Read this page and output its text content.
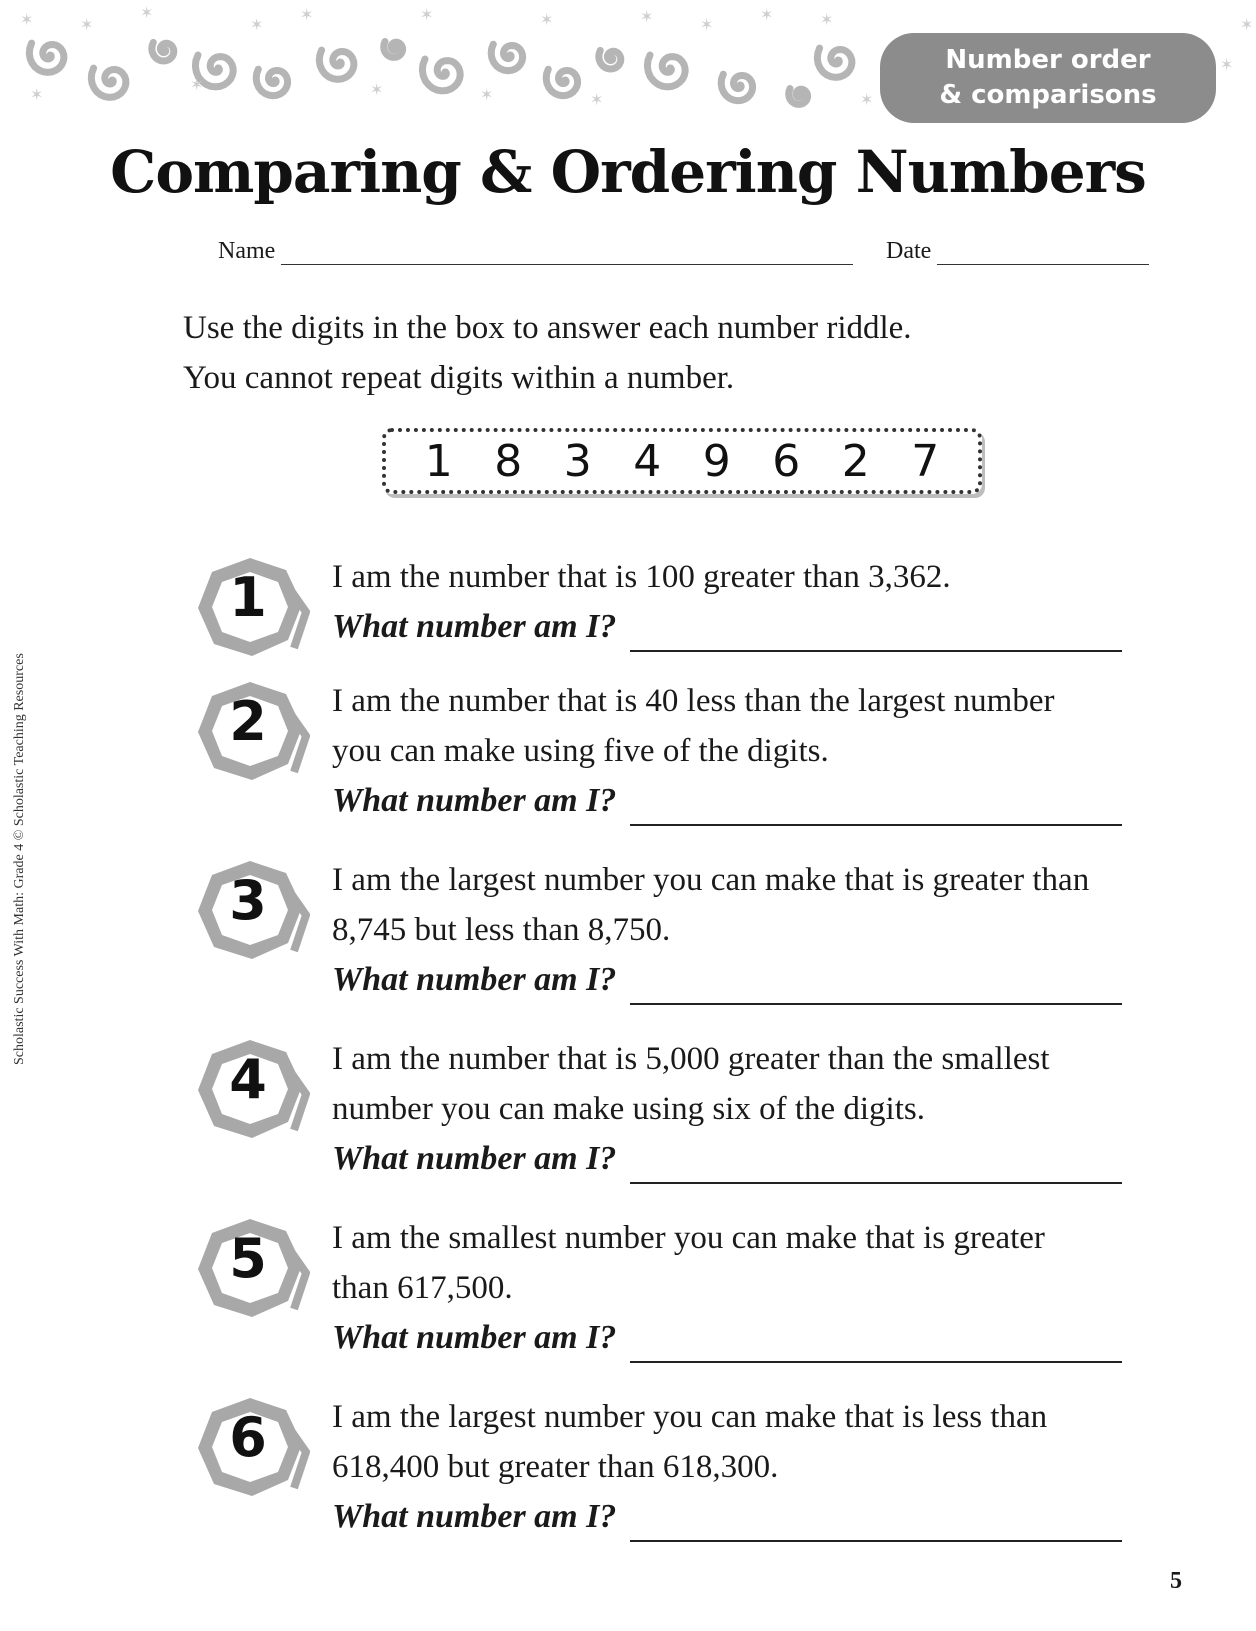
✶	✶
✶
✶
✶
✶
✶
✶
✶
✶
✶
✶	✶
✶	✶
✶
✶
✶
✶
Number order
& comparisons
Comparing & Ordering Numbers
Name	Date
Use the digits in the box to answer each number riddle.
You cannot repeat digits within a number.
1 8 3 4 9 6 2 7
Scholastic Success With Math: Grade 4 © Scholastic Teaching Resources
1	I am the number that is 100 greater than 3,362.
What number am I?
2	I am the number that is 40 less than the largest number
you can make using five of the digits.
What number am I?
3	I am the largest number you can make that is greater than
8,745 but less than 8,750.
What number am I?
4	I am the number that is 5,000 greater than the smallest
number you can make using six of the digits.
What number am I?
5	I am the smallest number you can make that is greater
than 617,500.
What number am I?
6	I am the largest number you can make that is less than
618,400 but greater than 618,300.
What number am I?
5
